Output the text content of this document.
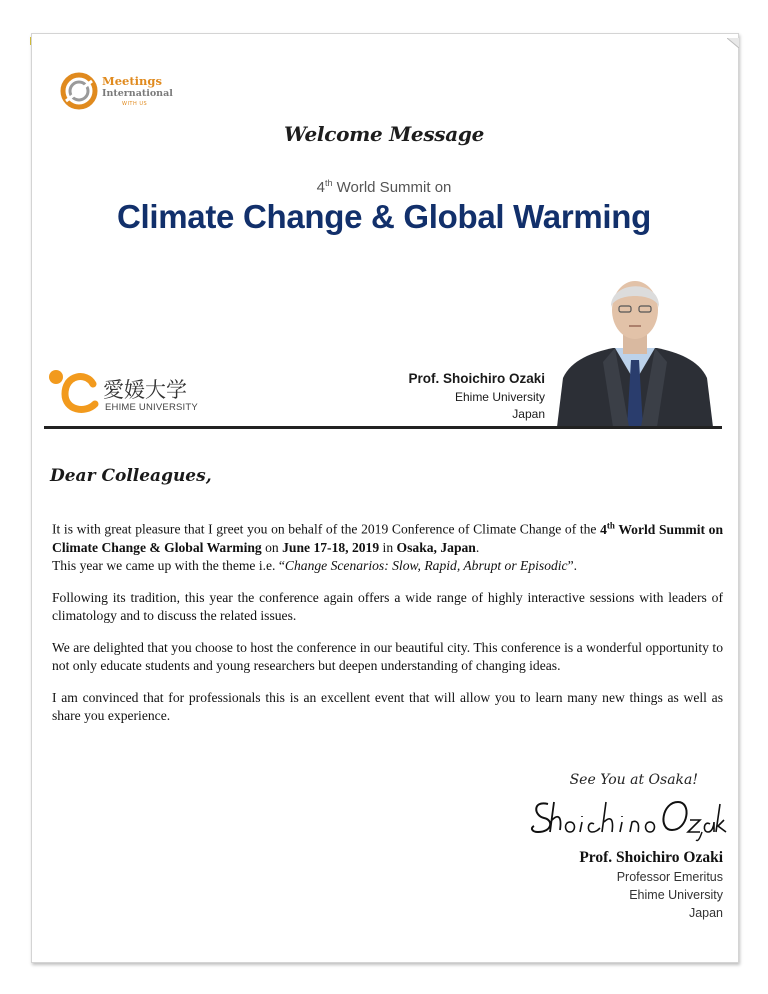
Meetings
International
WITH US
Welcome Message
4th World Summit on
Climate Change & Global Warming
愛媛大学
EHIME UNIVERSITY
Prof. Shoichiro Ozaki
Ehime University
Japan
Dear Colleagues,

It is with great pleasure that I greet you on behalf of the 2019 Conference of Climate Change of the 4th World Summit on Climate Change & Global Warming on June 17-18, 2019 in Osaka, Japan.

This year we came up with the theme i.e. “Change Scenarios: Slow, Rapid, Abrupt or Episodic”.

Following its tradition, this year the conference again offers a wide range of highly interactive sessions with leaders of climatology and to discuss the related issues.

We are delighted that you choose to host the conference in our beautiful city. This conference is a wonderful opportunity to not only educate students and young researchers but deepen understanding of changing ideas.

I am convinced that for professionals this is an excellent event that will allow you to learn many new things as well as share you experience.

See You at Osaka!
Prof. Shoichiro Ozaki
Professor Emeritus
Ehime University
Japan
